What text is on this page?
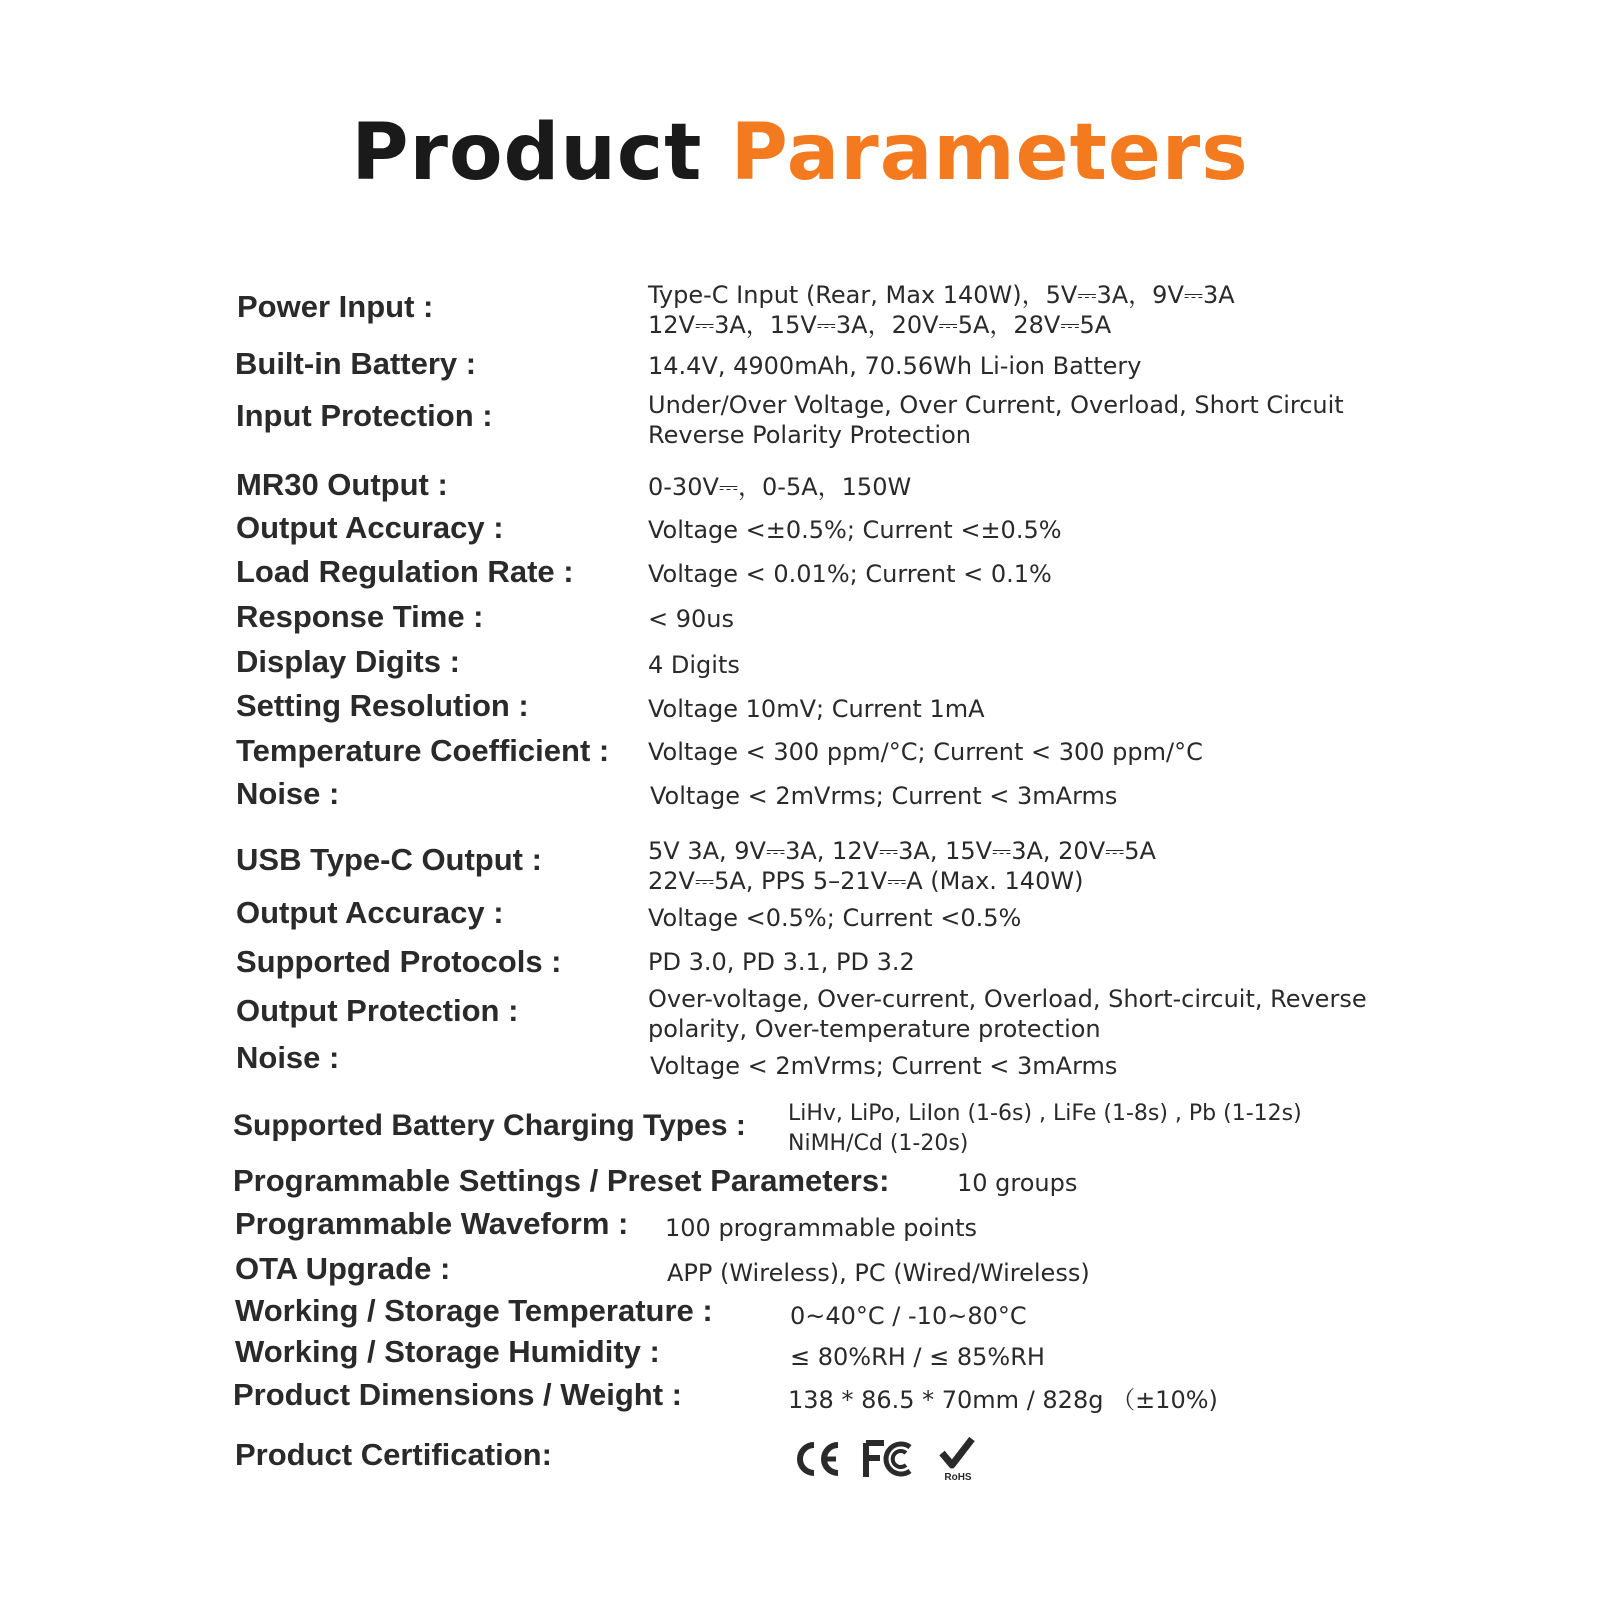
Product Parameters
Power Input :	Type-C Input (Rear, Max 140W)，5V⎓3A，9V⎓3A
12V⎓3A，15V⎓3A，20V⎓5A，28V⎓5A
Built-in Battery :	14.4V, 4900mAh, 70.56Wh Li-ion Battery
Input Protection :	Under/Over Voltage, Over Current, Overload, Short Circuit
Reverse Polarity Protection
MR30 Output :	0-30V⎓，0-5A，150W
Output Accuracy :	Voltage <±0.5%; Current <±0.5%
Load Regulation Rate :	Voltage < 0.01%; Current < 0.1%
Response Time :	< 90us
Display Digits :	4 Digits
Setting Resolution :	Voltage 10mV; Current 1mA
Temperature Coefficient : Voltage < 300 ppm/°C; Current < 300 ppm/°C
Noise :	Voltage < 2mVrms; Current < 3mArms
USB Type-C Output :	5V 3A, 9V⎓3A, 12V⎓3A, 15V⎓3A, 20V⎓5A
22V⎓5A, PPS 5–21V⎓A (Max. 140W)
Output Accuracy :	Voltage <0.5%; Current <0.5%
Supported Protocols :	PD 3.0, PD 3.1, PD 3.2
Output Protection :	Over-voltage, Over-current, Overload, Short-circuit, Reverse
polarity, Over-temperature protection
Noise :	Voltage < 2mVrms; Current < 3mArms
Supported Battery Charging Types : LiHv, LiPo, LiIon (1-6s) , LiFe (1-8s) , Pb (1-12s)
NiMH/Cd (1-20s)
Programmable Settings / Preset Parameters:	10 groups
Programmable Waveform : 100 programmable points
OTA Upgrade :	APP (Wireless), PC (Wired/Wireless)
Working / Storage Temperature :	0~40°C / -10~80°C
Working / Storage Humidity :	≤ 80%RH / ≤ 85%RH
Product Dimensions / Weight :	138 * 86.5 * 70mm / 828g （±10%)
Product Certification:
RoHS
